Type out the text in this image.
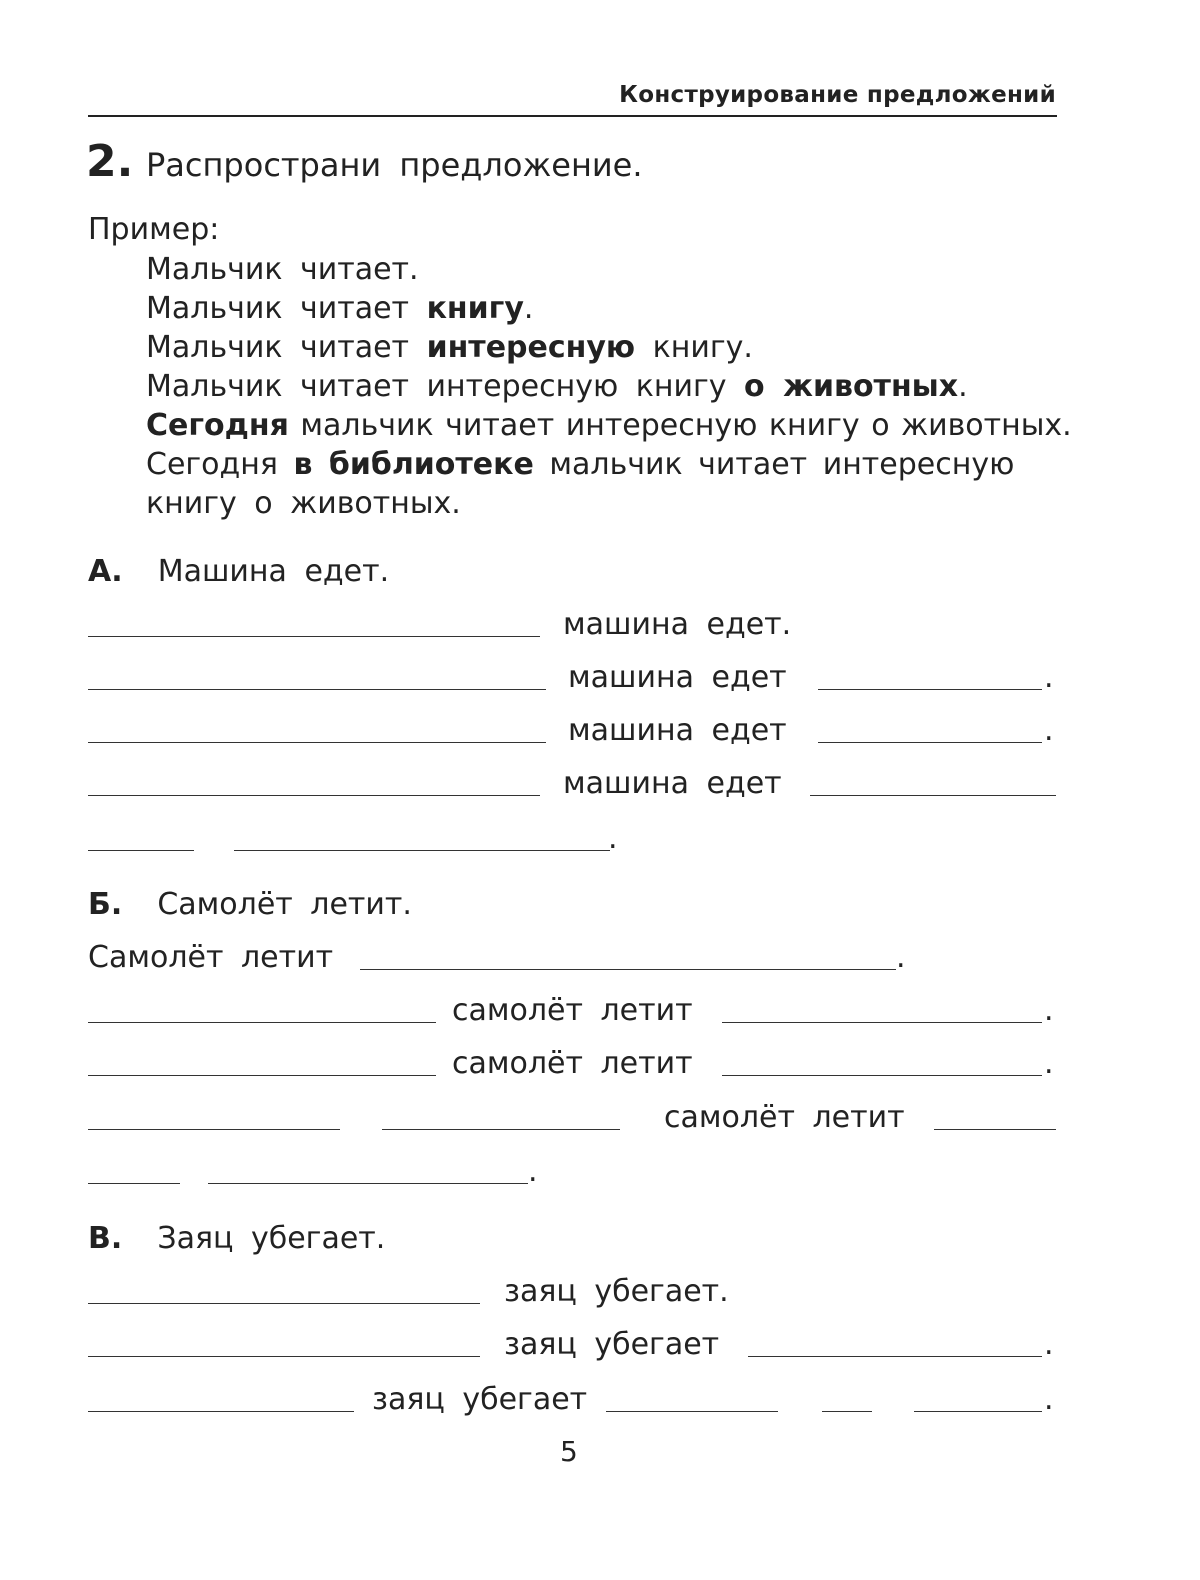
Конструирование предложений
2. Распространи предложение.
Пример:
Мальчик читает.
Мальчик читает книгу.
Мальчик читает интересную книгу.
Мальчик читает интересную книгу о животных.
Сегодня мальчик читает интересную книгу о животных.
Сегодня в библиотеке мальчик читает интересную
книгу о животных.
А. Машина едет.
машина едет.
машина едет	.
машина едет	.
машина едет
.
Б. Самолёт летит.
Самолёт летит	.
самолёт летит	.
самолёт летит	.
самолёт летит
.
В. Заяц убегает.
заяц убегает.
заяц убегает	.
заяц убегает	.
5
